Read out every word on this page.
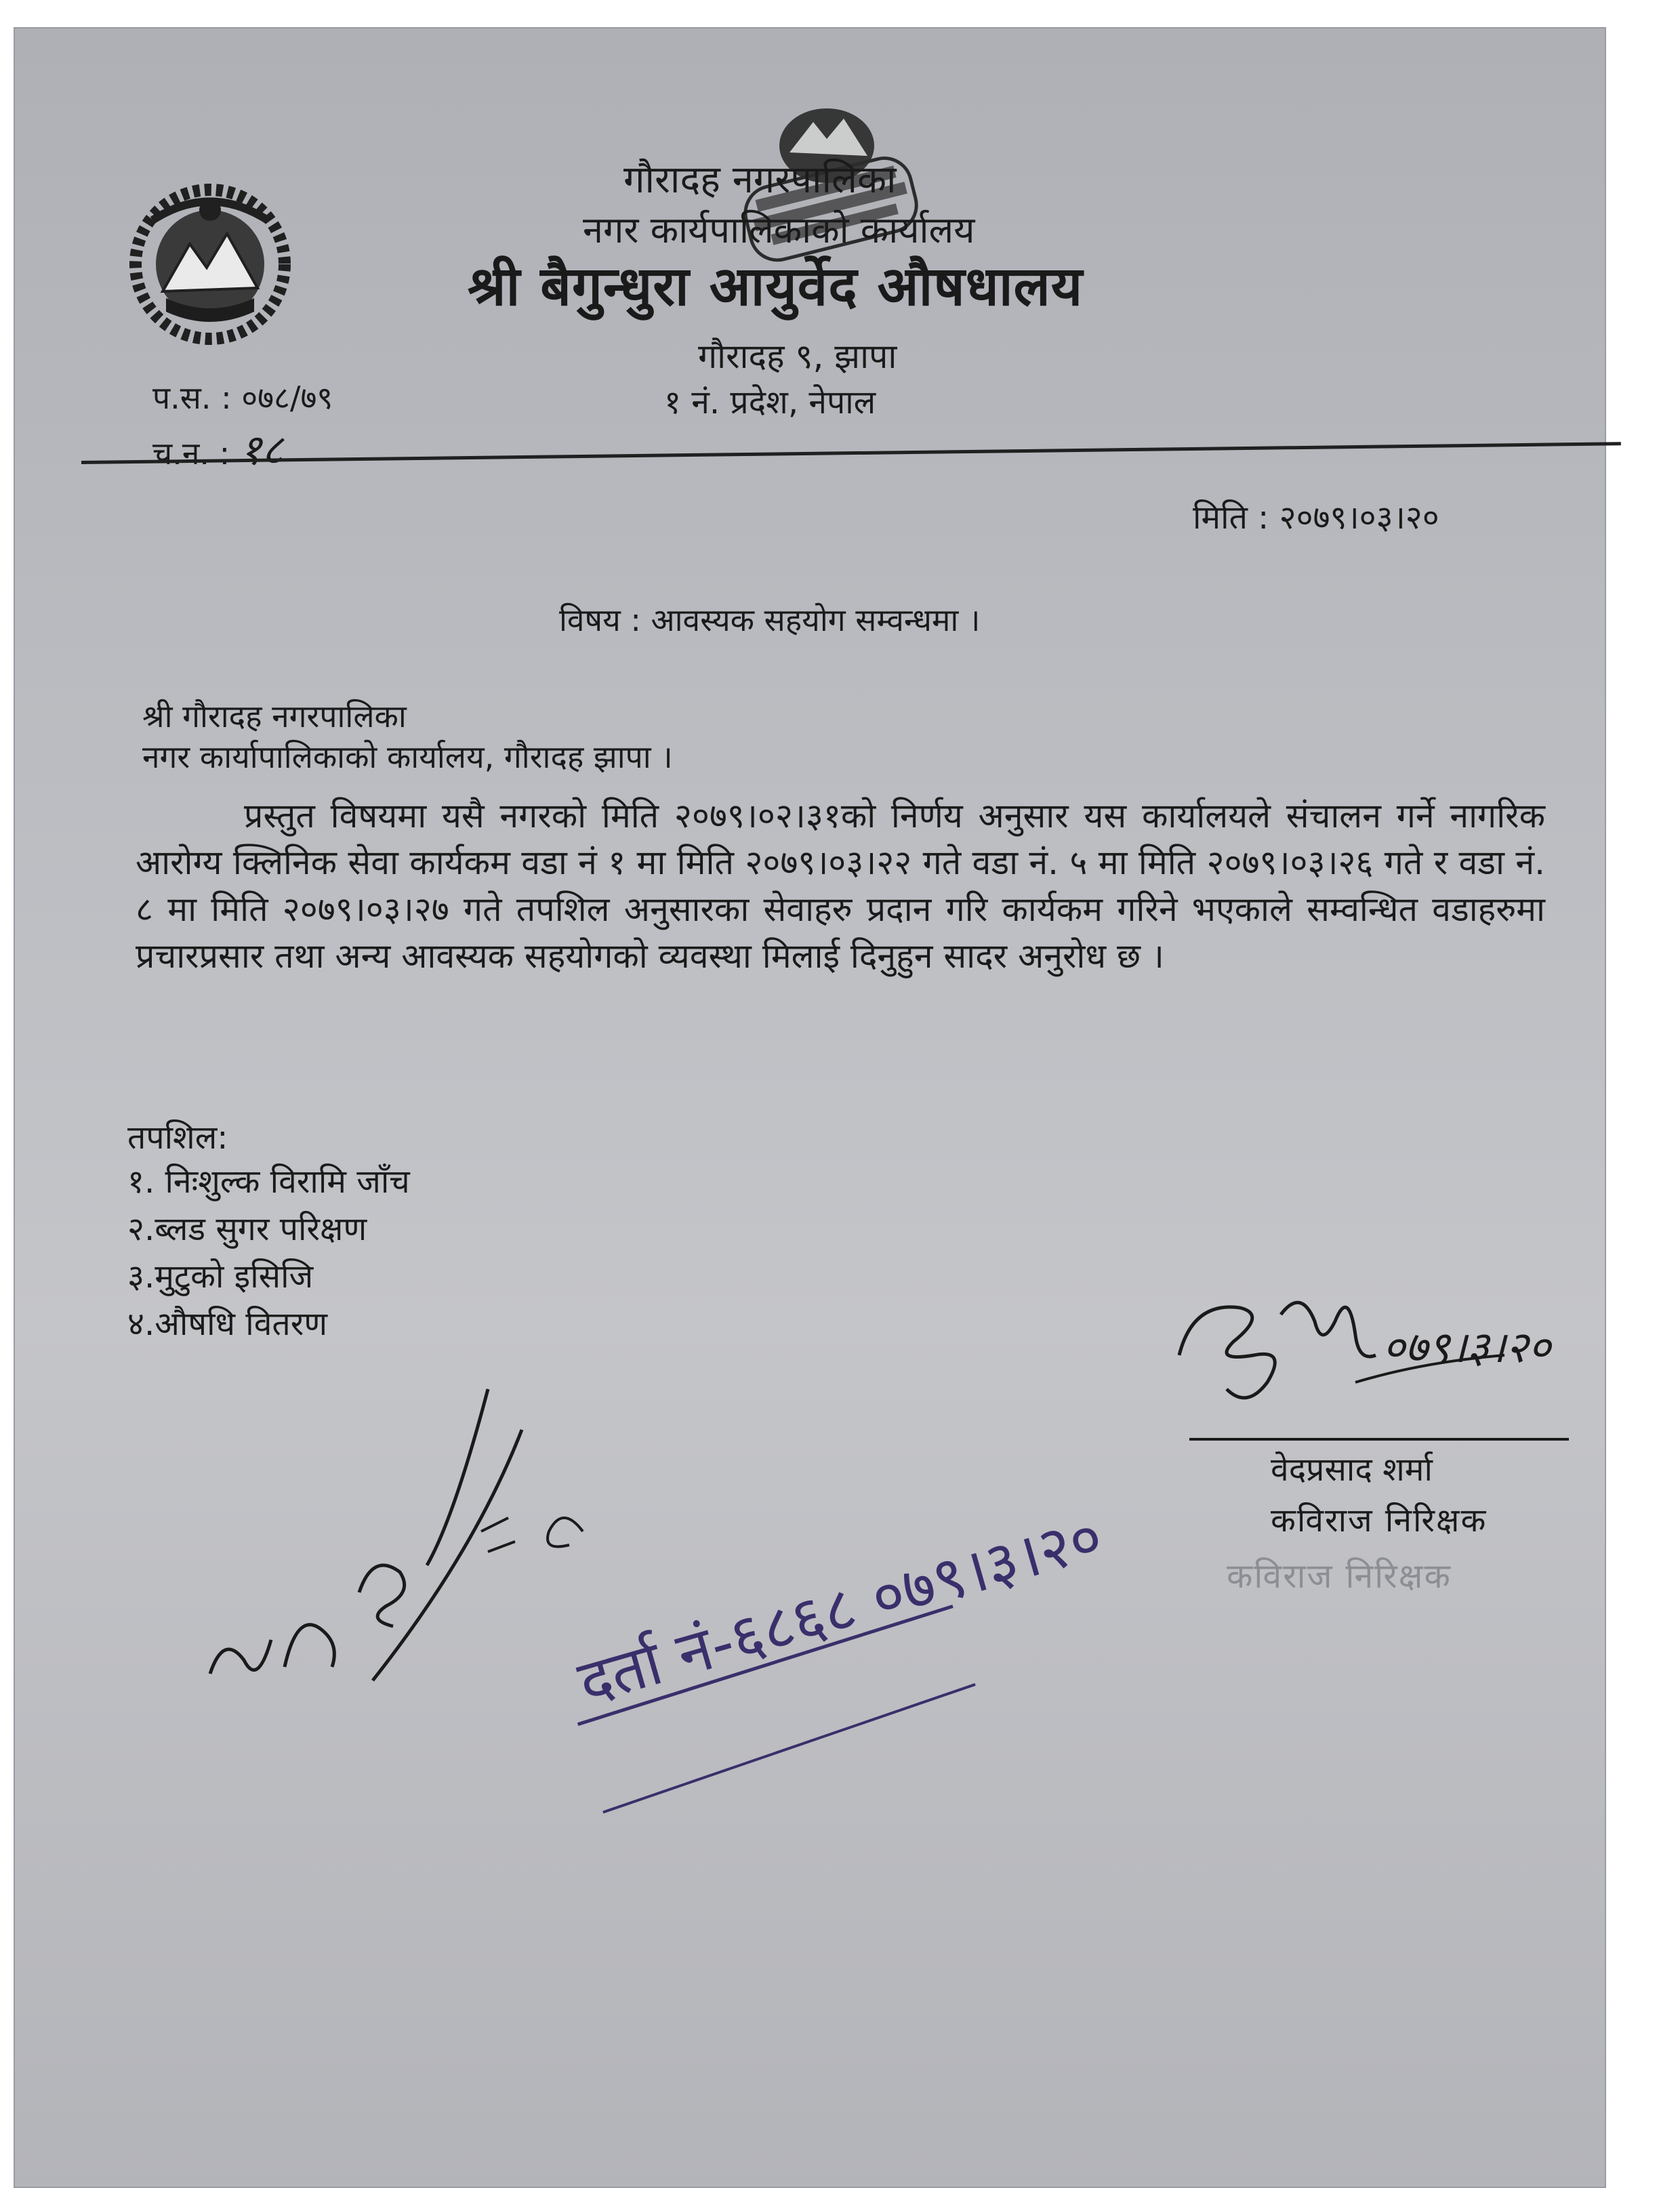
गौरादह नगरपालिका
नगर कार्यपालिकाको कार्यालय
श्री बैगुन्धुरा आयुर्वेद औषधालय
गौरादह ९, झापा
१ नं. प्रदेश, नेपाल
प.स. : ०७८/७९
च.न. : १८
मिति : २०७९।०३।२०
विषय : आवस्यक सहयोग सम्वन्धमा ।
श्री गौरादह नगरपालिका
नगर कार्यापालिकाको कार्यालय, गौरादह झापा ।
प्रस्तुत विषयमा यसै नगरको मिति २०७९।०२।३१को निर्णय अनुसार यस कार्यालयले संचालन गर्ने नागरिक आरोग्य क्लिनिक सेवा कार्यकम वडा नं १ मा मिति २०७९।०३।२२ गते वडा नं. ५ मा मिति २०७९।०३।२६ गते र वडा नं. ८ मा मिति २०७९।०३।२७ गते तपशिल अनुसारका सेवाहरु प्रदान गरि कार्यकम गरिने भएकाले सम्वन्धित वडाहरुमा प्रचारप्रसार तथा अन्य आवस्यक सहयोगको व्यवस्था मिलाई दिनुहुन सादर अनुरोध छ ।
तपशिल:
१. निःशुल्क विरामि जाँच
२.ब्लड सुगर परिक्षण
३.मुटुको इसिजि
४.औषधि वितरण	०७९।३।२०
वेदप्रसाद शर्मा
कविराज निरिक्षक
कविराज निरिक्षक
दर्ता नं-६८६८ ०७९।३।२०
